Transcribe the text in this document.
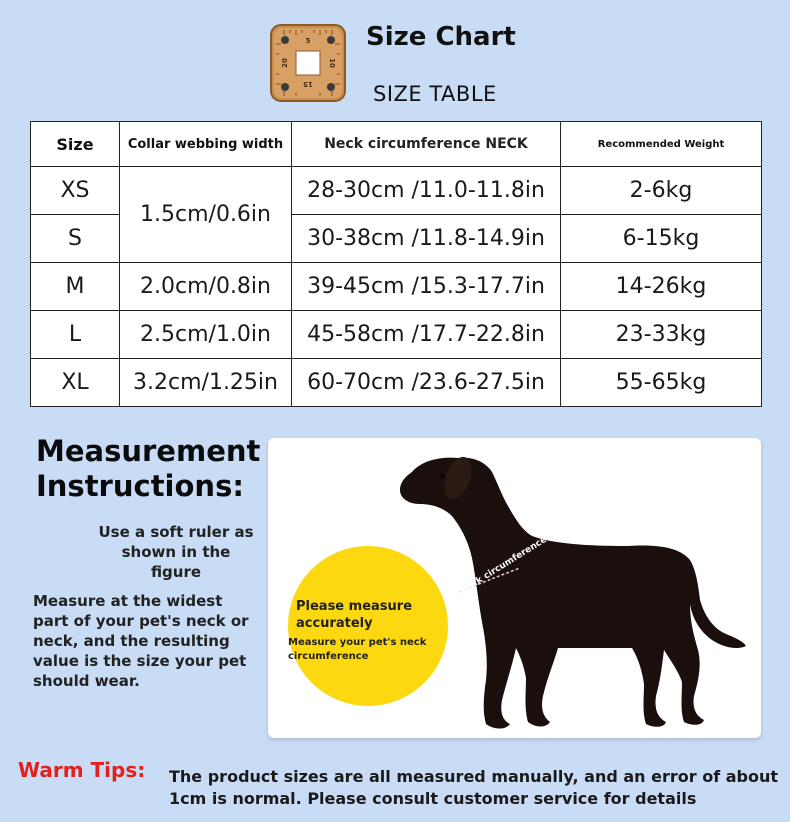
5
10
15
20
Size Chart
SIZE TABLE
Size	Collar webbing width	Neck circumference NECK	Recommended Weight
XS	1.5cm/0.6in	28-30cm /11.0-11.8in	2-6kg
S		30-38cm /11.8-14.9in	6-15kg
M	2.0cm/0.8in	39-45cm /15.3-17.7in	14-26kg
L	2.5cm/1.0in	45-58cm /17.7-22.8in	23-33kg
XL	3.2cm/1.25in	60-70cm /23.6-27.5in	55-65kg
Measurement
Instructions:
Use a soft ruler as shown in the figure
Measure at the widest part of your pet's neck or neck, and the resulting value is the size your pet should wear.
Neck circumference
Please measure accurately
Measure your pet's neck circumference
Warm Tips: The product sizes are all measured manually, and an error of about 1cm is normal. Please consult customer service for details
